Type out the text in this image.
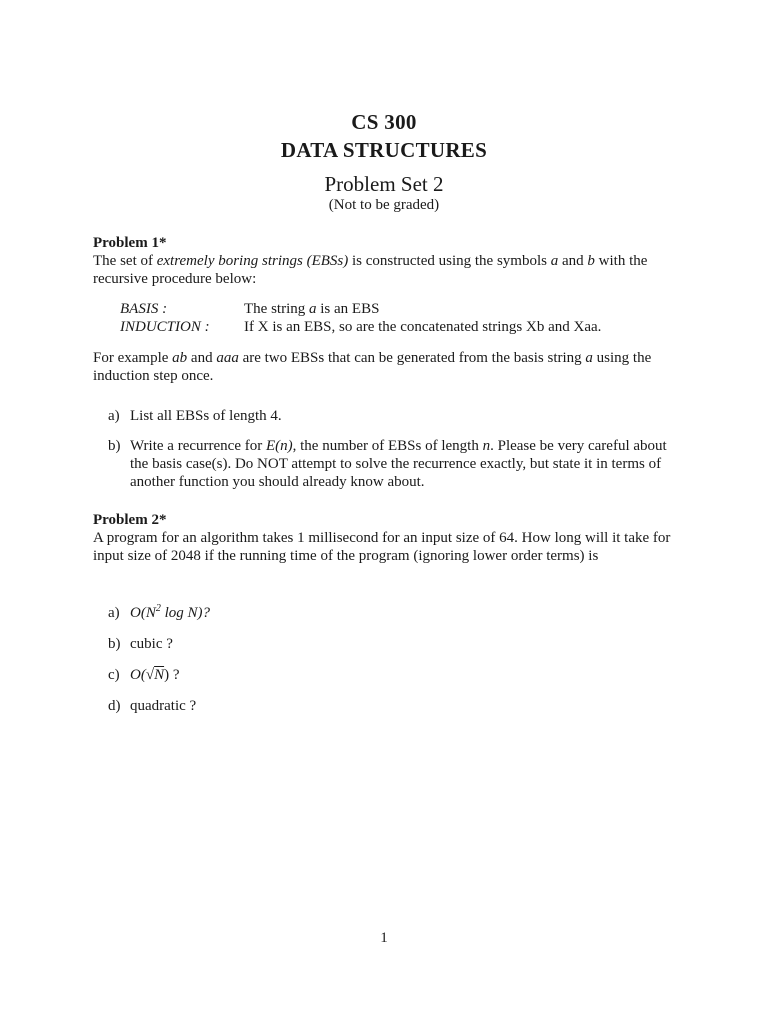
CS 300
DATA STRUCTURES
Problem Set 2
(Not to be graded)
Problem 1*

The set of extremely boring strings (EBSs) is constructed using the symbols a and b with the recursive procedure below:

BASIS :	The string a is an EBS
INDUCTION :	If X is an EBS, so are the concatenated strings Xb and Xaa.

For example ab and aaa are two EBSs that can be generated from the basis string a using the induction step once.

a) List all EBSs of length 4.
b) Write a recurrence for E(n), the number of EBSs of length n. Please be very careful about the basis case(s). Do NOT attempt to solve the recurrence exactly, but state it in terms of another function you should already know about.
Problem 2*

A program for an algorithm takes 1 millisecond for an input size of 64. How long will it take for input size of 2048 if the running time of the program (ignoring lower order terms) is

a) $O(N^2$ log N)?
b) cubic ?
c) O(√N) ?
d) quadratic ?
1
